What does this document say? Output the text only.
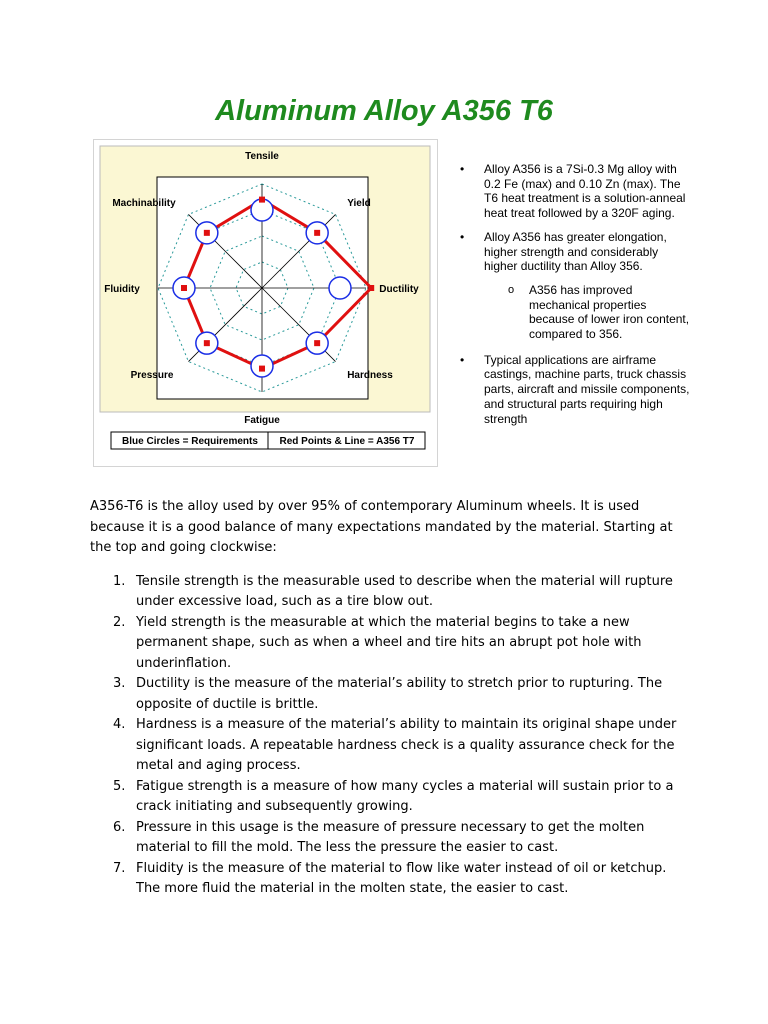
Aluminum Alloy A356 T6
Tensile
Yield
Ductility
Hardness
Fatigue
Pressure
Fluidity
Machinability
Blue Circles = Requirements Red Points & Line = A356 T7
• Alloy A356 is a 7Si-0.3 Mg alloy with 0.2 Fe (max) and 0.10 Zn (max). The T6 heat treatment is a solution-anneal heat treat followed by a 320F aging.
• Alloy A356 has greater elongation, higher strength and considerably higher ductility than Alloy 356.
o A356 has improved mechanical properties because of lower iron content, compared to 356.
• Typical applications are airframe castings, machine parts, truck chassis parts, aircraft and missile components, and structural parts requiring high strength

A356-T6 is the alloy used by over 95% of contemporary Aluminum wheels. It is used because it is a good balance of many expectations mandated by the material. Starting at the top and going clockwise:

1. Tensile strength is the measurable used to describe when the material will rupture under excessive load, such as a tire blow out.
2. Yield strength is the measurable at which the material begins to take a new permanent shape, such as when a wheel and tire hits an abrupt pot hole with underinflation.
3. Ductility is the measure of the material’s ability to stretch prior to rupturing. The opposite of ductile is brittle.
4. Hardness is a measure of the material’s ability to maintain its original shape under significant loads. A repeatable hardness check is a quality assurance check for the metal and aging process.
5. Fatigue strength is a measure of how many cycles a material will sustain prior to a crack initiating and subsequently growing.
6. Pressure in this usage is the measure of pressure necessary to get the molten material to fill the mold. The less the pressure the easier to cast.
7. Fluidity is the measure of the material to flow like water instead of oil or ketchup. The more fluid the material in the molten state, the easier to cast.
